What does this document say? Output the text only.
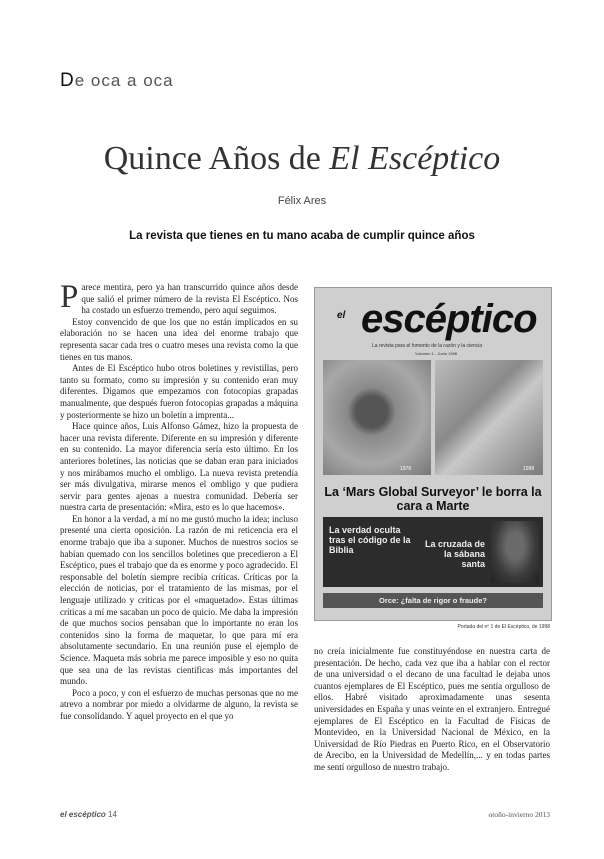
De oca a oca
Quince Años de El Escéptico
Félix Ares
La revista que tienes en tu mano acaba de cumplir quince años

Parece mentira, pero ya han transcurrido quince años desde que salió el primer número de la revista El Escéptico. Nos ha costado un esfuerzo tremendo, pero aquí seguimos.

Estoy convencido de que los que no están implicados en su elaboración no se hacen una idea del enorme trabajo que representa sacar cada tres o cuatro meses una revista como la que tienes en tus manos.

Antes de El Escéptico hubo otros boletines y revistillas, pero tanto su formato, como su impresión y su contenido eran muy diferentes. Digamos que empezamos con fotocopias grapadas manualmente, que después fueron fotocopias grapadas a máquina y posteriormente se hizo un boletín a imprenta...

Hace quince años, Luis Alfonso Gámez, hizo la propuesta de hacer una revista diferente. Diferente en su impresión y diferente en su contenido. La mayor diferencia sería esto último. En los anteriores boletines, las noticias que se daban eran para iniciados y nos mirábamos mucho el ombligo. La nueva revista pretendía ser más divulgativa, mirarse menos el ombligo y que pudiera servir para gentes ajenas a nuestra comunidad. Debería ser nuestra carta de presentación: «Mira, esto es lo que hacemos».

En honor a la verdad, a mí no me gustó mucho la idea; incluso presenté una cierta oposición. La razón de mi reticencia era el enorme trabajo que iba a suponer. Muchos de nuestros socios se habían quemado con los sencillos boletines que precedieron a El Escéptico, pues el trabajo que da es enorme y poco agradecido. El responsable del boletín siempre recibía críticas. Críticas por la elección de noticias, por el tratamiento de las mismas, por el lenguaje utilizado y críticas por el «maquetado». Estas últimas críticas a mí me sacaban un poco de quicio. Me daba la impresión de que muchos socios pensaban que lo importante no eran los contenidos sino la forma de maquetar, lo que para mí era absolutamente secundario. En una reunión puse el ejemplo de Science. Maqueta más sobria me parece imposible y eso no quita que sea una de las revistas científicas más importantes del mundo.

Poco a poco, y con el esfuerzo de muchas personas que no me atrevo a nombrar por miedo a olvidarme de alguno, la revista se fue consolidando. Y aquel proyecto en el que yo

el escéptico
La revista para el fomento de la razón y la ciencia
Volumen 1 - Junio 1998
1976	1998
La ‘Mars Global Surveyor’ le borra la cara a Marte
La verdad oculta tras el código de la Biblia
La cruzada de la sábana santa
Orce: ¿falta de rigor o fraude?
Portada del nº 1 de El Escéptico, de 1998

no creía inicialmente fue constituyéndose en nuestra carta de presentación. De hecho, cada vez que iba a hablar con el rector de una universidad o el decano de una facultad le dejaba unos cuantos ejemplares de El Escéptico, pues me sentía orgulloso de ellos. Habré visitado aproximadamente unas sesenta universidades en España y unas veinte en el extranjero. Entregué ejemplares de El Escéptico en la Facultad de Físicas de Montevideo, en la Universidad Nacional de México, en la Universidad de Río Piedras en Puerto Rico, en el Observatorio de Arecibo, en la Universidad de Medellín,... y en todas partes me sentí orgulloso de nuestro trabajo.

el escéptico 14	otoño-invierno 2013
